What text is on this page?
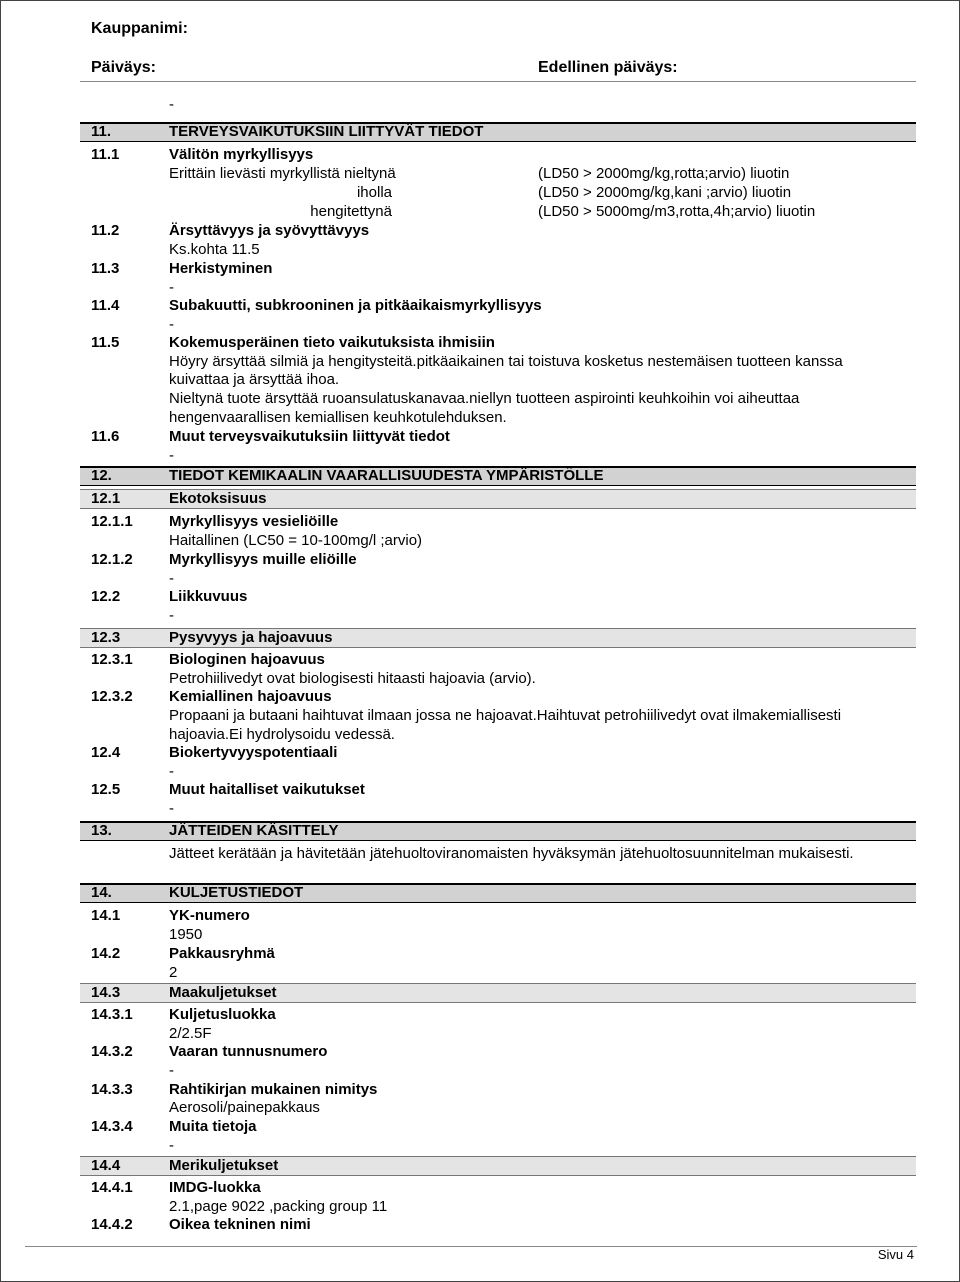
Kauppanimi:
Päiväys:	Edellinen päiväys:
-
11.	TERVEYSVAIKUTUKSIIN LIITTYVÄT TIEDOT
11.1	Välitön myrkyllisyys
Erittäin lievästi myrkyllistä nieltynä	(LD50 > 2000mg/kg,rotta;arvio) liuotin
iholla	(LD50 > 2000mg/kg,kani ;arvio) liuotin
hengitettynä	(LD50 > 5000mg/m3,rotta,4h;arvio) liuotin
11.2	Ärsyttävyys ja syövyttävyys
Ks.kohta 11.5
11.3	Herkistyminen
-
11.4	Subakuutti, subkrooninen ja pitkäaikaismyrkyllisyys
-
11.5	Kokemusperäinen tieto vaikutuksista ihmisiin
Höyry ärsyttää silmiä ja hengitysteitä.pitkäaikainen tai toistuva kosketus nestemäisen tuotteen kanssa
kuivattaa ja ärsyttää ihoa.
Nieltynä tuote ärsyttää ruoansulatuskanavaa.niellyn tuotteen aspirointi keuhkoihin voi aiheuttaa
hengenvaarallisen kemiallisen keuhkotulehduksen.
11.6	Muut terveysvaikutuksiin liittyvät tiedot
-
12.	TIEDOT KEMIKAALIN VAARALLISUUDESTA YMPÄRISTÖLLE
12.1	Ekotoksisuus
12.1.1 Myrkyllisyys vesieliöille
Haitallinen (LC50 = 10-100mg/l ;arvio)
12.1.2 Myrkyllisyys muille eliöille
-
12.2	Liikkuvuus
-
12.3	Pysyvyys ja hajoavuus
12.3.1 Biologinen hajoavuus
Petrohiilivedyt ovat biologisesti hitaasti hajoavia (arvio).
12.3.2 Kemiallinen hajoavuus
Propaani ja butaani haihtuvat ilmaan jossa ne hajoavat.Haihtuvat petrohiilivedyt ovat ilmakemiallisesti
hajoavia.Ei hydrolysoidu vedessä.
12.4	Biokertyvyyspotentiaali
-
12.5	Muut haitalliset vaikutukset
-
13.	JÄTTEIDEN KÄSITTELY
Jätteet kerätään ja hävitetään jätehuoltoviranomaisten hyväksymän jätehuoltosuunnitelman mukaisesti.
14.	KULJETUSTIEDOT
14.1	YK-numero
1950
14.2	Pakkausryhmä
2
14.3	Maakuljetukset
14.3.1 Kuljetusluokka
2/2.5F
14.3.2 Vaaran tunnusnumero
-
14.3.3 Rahtikirjan mukainen nimitys
Aerosoli/painepakkaus
14.3.4 Muita tietoja
-
14.4	Merikuljetukset
14.4.1 IMDG-luokka
2.1,page 9022 ,packing group 11
14.4.2 Oikea tekninen nimi
Sivu 4
